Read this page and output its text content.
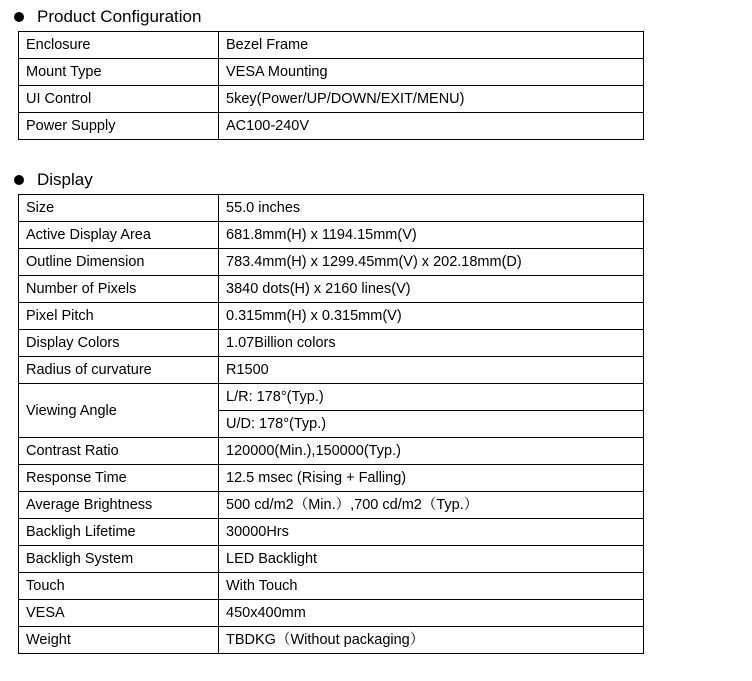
Product Configuration
Enclosure	Bezel Frame
Mount Type	VESA Mounting
UI Control	5key(Power/UP/DOWN/EXIT/MENU)
Power Supply	AC100-240V
Display
Size	55.0 inches
Active Display Area	681.8mm(H) x 1194.15mm(V)
Outline Dimension	783.4mm(H) x 1299.45mm(V) x 202.18mm(D)
Number of Pixels	3840 dots(H) x 2160 lines(V)
Pixel Pitch	0.315mm(H) x 0.315mm(V)
Display Colors	1.07Billion colors
Radius of curvature	R1500
Viewing Angle	L/R: 178°(Typ.)
	U/D: 178°(Typ.)
Contrast Ratio	120000(Min.),150000(Typ.)
Response Time	12.5 msec (Rising + Falling)
Average Brightness	500 cd/m2（Min.）,700 cd/m2（Typ.）
Backligh Lifetime	30000Hrs
Backligh System	LED Backlight
Touch	With Touch
VESA	450x400mm
Weight	TBDKG（Without packaging）
